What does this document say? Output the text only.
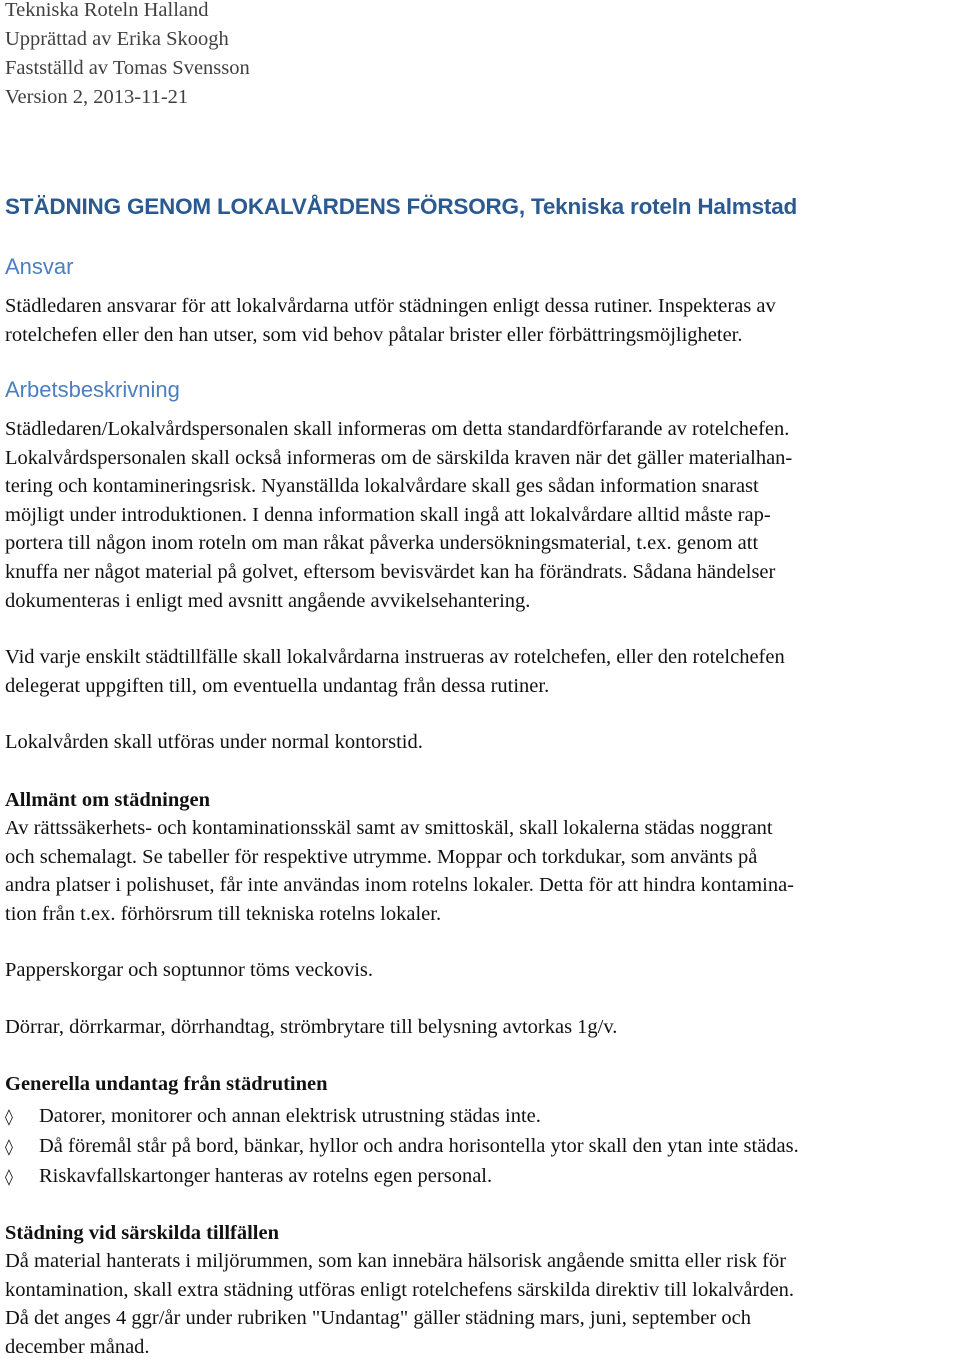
Tekniska Roteln Halland
Upprättad av Erika Skoogh
Fastställd av Tomas Svensson
Version 2, 2013-11-21
STÄDNING GENOM LOKALVÅRDENS FÖRSORG, Tekniska roteln Halmstad
Ansvar
Städledaren ansvarar för att lokalvårdarna utför städningen enligt dessa rutiner. Inspekteras av
rotelchefen eller den han utser, som vid behov påtalar brister eller förbättringsmöjligheter.
Arbetsbeskrivning
Städledaren/Lokalvårdspersonalen skall informeras om detta standardförfarande av rotelchefen.
Lokalvårdspersonalen skall också informeras om de särskilda kraven när det gäller materialhan-
tering och kontamineringsrisk. Nyanställda lokalvårdare skall ges sådan information snarast
möjligt under introduktionen. I denna information skall ingå att lokalvårdare alltid måste rap-
portera till någon inom roteln om man råkat påverka undersökningsmaterial, t.ex. genom att
knuffa ner något material på golvet, eftersom bevisvärdet kan ha förändrats. Sådana händelser
dokumenteras i enligt med avsnitt angående avvikelsehantering.
Vid varje enskilt städtillfälle skall lokalvårdarna instrueras av rotelchefen, eller den rotelchefen
delegerat uppgiften till, om eventuella undantag från dessa rutiner.
Lokalvården skall utföras under normal kontorstid.
Allmänt om städningen
Av rättssäkerhets- och kontaminationsskäl samt av smittoskäl, skall lokalerna städas noggrant
och schemalagt. Se tabeller för respektive utrymme. Moppar och torkdukar, som använts på
andra platser i polishuset, får inte användas inom rotelns lokaler. Detta för att hindra kontamina-
tion från t.ex. förhörsrum till tekniska rotelns lokaler.
Papperskorgar och soptunnor töms veckovis.
Dörrar, dörrkarmar, dörrhandtag, strömbrytare till belysning avtorkas 1g/v.
Generella undantag från städrutinen
◊ Datorer, monitorer och annan elektrisk utrustning städas inte.
◊ Då föremål står på bord, bänkar, hyllor och andra horisontella ytor skall den ytan inte städas.
◊ Riskavfallskartonger hanteras av rotelns egen personal.
Städning vid särskilda tillfällen
Då material hanterats i miljörummen, som kan innebära hälsorisk angående smitta eller risk för
kontamination, skall extra städning utföras enligt rotelchefens särskilda direktiv till lokalvården.
Då det anges 4 ggr/år under rubriken "Undantag" gäller städning mars, juni, september och
december månad.
